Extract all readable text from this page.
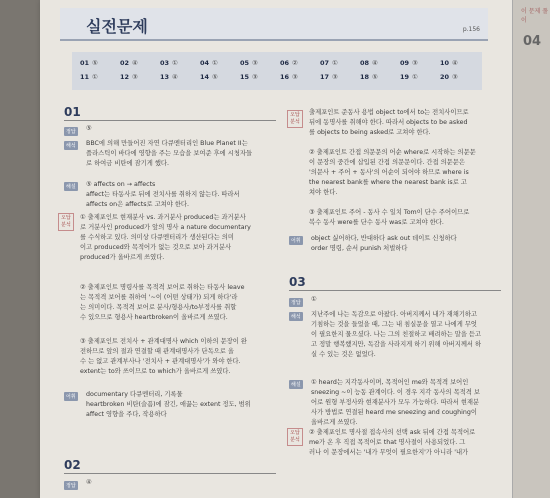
이 문제 풀이
04
실전문제	p.156
01 ⑤	02 ④	03 ①	04 ①	05 ③	06 ②	07 ①	08 ④	09 ③	10 ④
11 ①	12 ③	13 ④	14 ⑤	15 ③	16 ③	17 ③	18 ⑤	19 ①	20 ③
01
정답	⑤
해석	BBC에 의해 만들어진 자연 다큐멘터리인 Blue Planet II는
플라스틱이 바다에 영향을 주는 모습을 보여준 후에 시청자들
로 하여금 비탄에 잠기게 했다.
해설	⑤ affects on → affects
affect는 타동사로 뒤에 전치사를 취하지 않는다. 따라서
affects on은 affects로 고쳐야 한다.
오답 분석
① 출제포인트 현재분사 vs. 과거분사 produced는 과거분사
로 거분사인 produced가 앞의 명사 a nature documentary
를 수식하고 있다. 의미상 다큐멘터리가 생산된다는 의미
이고 produced와 목적어가 없는 것으로 보아 과거분사
produced가 올바르게 쓰였다.
② 출제포인트 명령사를 목적격 보어로 취하는 타동사 leave
는 목적격 보어를 취하여 '~이 (어떤 상태가) 되게 하다'라
는 의미이다. 목적격 보어로 분사/형용사/to부정사를 취할
수 있으므로 형용사 heartbroken이 올바르게 쓰였다.
③ 출제포인트 전치사 + 관계대명사 which 이하의 문장이 완
전하므로 앞의 절과 연결할 때 관계대명사가 단독으로 올
수 는 없고 관계부사나 '전치사 + 관계대명사'가 와야 한다.
extent는 to와 쓰이므로 to which가 올바르게 쓰였다.
어휘	documentary 다큐멘터리, 기록물
heartbroken 비탄(슬픔)에 잠긴, 애끓는 extent 정도, 범위
affect 영향을 주다, 작용하다
02
정답	④
오답 분석
출제포인트 준동사 용법 object to에서 to는 전치사이므로
뒤에 동명사를 취해야 한다. 따라서 objects to be asked
를 objects to being asked로 고쳐야 한다.
② 출제포인트 간접 의문문의 어순 where로 시작하는 의문문
이 문장의 중간에 삽입된 간접 의문문이다. 간접 의문문은
'의문사 + 주어 + 동사'의 어순이 되어야 하므로 where is
the nearest bank를 where the nearest bank is로 고
쳐야 한다.
③ 출제포인트 주어 - 동사 수 일치 Tom이 단수 주어이므로
복수 동사 were를 단수 동사 was로 고쳐야 한다.
어휘	object 싫어하다, 반대하다 ask out 데이트 신청하다
order 명령, 순서 punish 처벌하다
03
정답	①
해석	지난주에 나는 독감으로 아팠다. 아버지께서 내가 재채기하고
기침하는 것을 들었을 때, 그는 내 침실문을 열고 나에게 무엇
이 필요한지 물으셨다. 나는 그의 친절하고 배려하는 말을 듣고
고 정말 행복했지만, 독감을 사라지게 하기 위해 아버지께서 하
실 수 있는 것은 없었다.
해설	① heard는 지각동사이며, 목적어인 me와 목적격 보어인
sneezing ~이 능동 관계이다. 이 경우 지각 동사의 목적격 보
어로 원형 부정사와 현재분사가 모두 가능하다. 따라서 현재분
사가 방법로 연결된 heard me sneezing and coughing이
올바르게 쓰였다.
오답 분석
② 출제포인트 명사절 접속사의 선택 ask 뒤에 간접 목적어로
me가 온 후 직접 목적어로 that 명사절이 사용되었다. 그
러나 이 문장에서는 '내가 무엇이 필요한지'가 아니라 '내가
